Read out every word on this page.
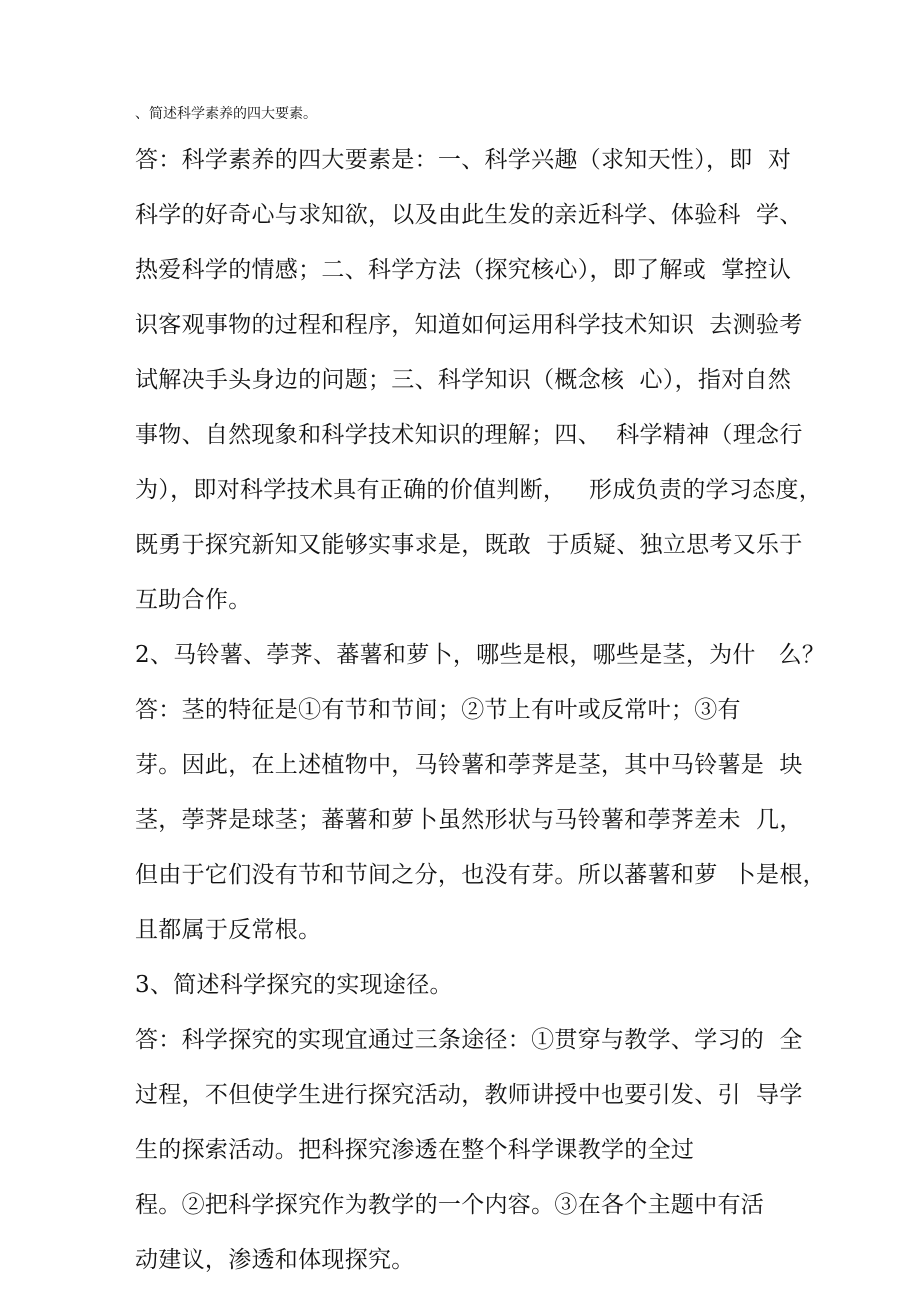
、简述科学素养的四大要素。
答：科学素养的四大要素是：一、科学兴趣（求知天性），即  对
科学的好奇心与求知欲，以及由此生发的亲近科学、体验科  学、
热爱科学的情感；二、科学方法（探究核心），即了解或  掌控认
识客观事物的过程和程序，知道如何运用科学技术知识  去测验考
试解决手头身边的问题；三、科学知识（概念核  心），指对自然
事物、自然现象和科学技术知识的理解；四、  科学精神（理念行
为），即对科学技术具有正确的价值判断，   形成负责的学习态度，
既勇于探究新知又能够实事求是，既敢  于质疑、独立思考又乐于
互助合作。
2、马铃薯、荸荠、蕃薯和萝卜，哪些是根，哪些是茎，为什   么？
答：茎的特征是①有节和节间；②节上有叶或反常叶；③有
芽。因此，在上述植物中，马铃薯和荸荠是茎，其中马铃薯是  块
茎，荸荠是球茎；蕃薯和萝卜虽然形状与马铃薯和荸荠差未  几，
但由于它们没有节和节间之分，也没有芽。所以蕃薯和萝  卜是根，
且都属于反常根。
3、简述科学探究的实现途径。
答：科学探究的实现宜通过三条途径：①贯穿与教学、学习的  全
过程，不但使学生进行探究活动，教师讲授中也要引发、引  导学
生的探索活动。把科探究渗透在整个科学课教学的全过
程。②把科学探究作为教学的一个内容。③在各个主题中有活
动建议，渗透和体现探究。
